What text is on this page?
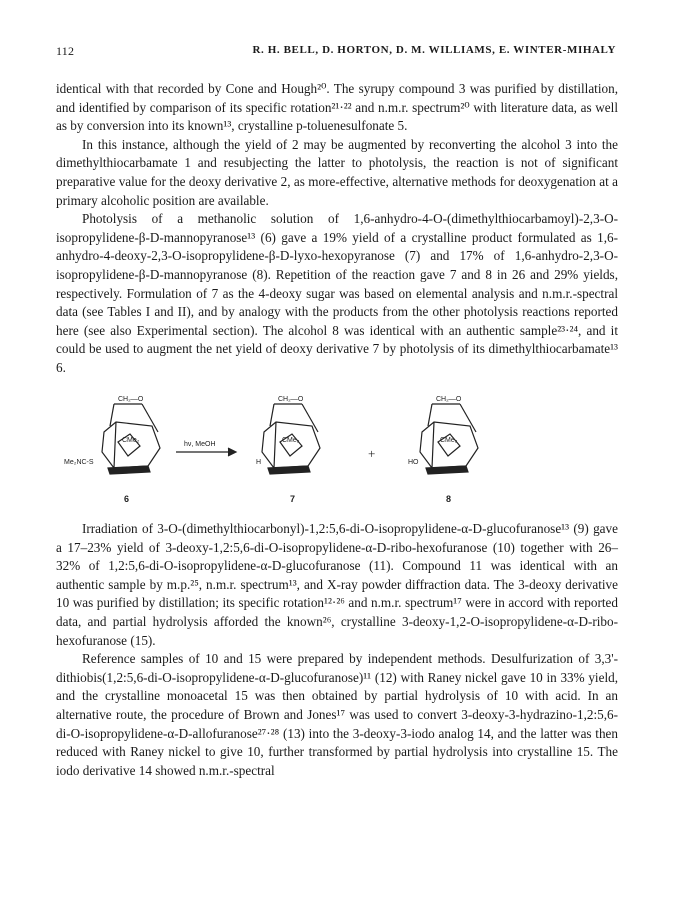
112	R. H. BELL, D. HORTON, D. M. WILLIAMS, E. WINTER-MIHALY

identical with that recorded by Cone and Hough²⁰. The syrupy compound 3 was purified by distillation, and identified by comparison of its specific rotation²¹·²² and n.m.r. spectrum²⁰ with literature data, as well as by conversion into its known¹³, crystalline p-toluenesulfonate 5.

In this instance, although the yield of 2 may be augmented by reconverting the alcohol 3 into the dimethylthiocarbamate 1 and resubjecting the latter to photolysis, the reaction is not of significant preparative value for the deoxy derivative 2, as more-effective, alternative methods for deoxygenation at a primary alcoholic position are available.

Photolysis of a methanolic solution of 1,6-anhydro-4-O-(dimethylthiocarbamoyl)-2,3-O-isopropylidene-β-D-mannopyranose¹³ (6) gave a 19% yield of a crystalline product formulated as 1,6-anhydro-4-deoxy-2,3-O-isopropylidene-β-D-lyxo-hexopyranose (7) and 17% of 1,6-anhydro-2,3-O-isopropylidene-β-D-mannopyranose (8). Repetition of the reaction gave 7 and 8 in 26 and 29% yields, respectively. Formulation of 7 as the 4-deoxy sugar was based on elemental analysis and n.m.r.-spectral data (see Tables I and II), and by analogy with the products from the other photolysis reactions reported here (see also Experimental section). The alcohol 8 was identical with an authentic sample²³·²⁴, and it could be used to augment the net yield of deoxy derivative 7 by photolysis of its dimethylthiocarbamate¹³ 6.

CH₂—O
CMe₂
Me₂NC-S
hν, MeOH
CH₂—O
CMe₂
H
CH₂—O
CMe₂
HO
+
6	7	8

Irradiation of 3-O-(dimethylthiocarbonyl)-1,2:5,6-di-O-isopropylidene-α-D-glucofuranose¹³ (9) gave a 17–23% yield of 3-deoxy-1,2:5,6-di-O-isopropylidene-α-D-ribo-hexofuranose (10) together with 26–32% of 1,2:5,6-di-O-isopropylidene-α-D-glucofuranose (11). Compound 11 was identical with an authentic sample by m.p.²⁵, n.m.r. spectrum¹³, and X-ray powder diffraction data. The 3-deoxy derivative 10 was purified by distillation; its specific rotation¹²·²⁶ and n.m.r. spectrum¹⁷ were in accord with reported data, and partial hydrolysis afforded the known²⁶, crystalline 3-deoxy-1,2-O-isopropylidene-α-D-ribo-hexofuranose (15).

Reference samples of 10 and 15 were prepared by independent methods. Desulfurization of 3,3'-dithiobis(1,2:5,6-di-O-isopropylidene-α-D-glucofuranose)¹¹ (12) with Raney nickel gave 10 in 33% yield, and the crystalline monoacetal 15 was then obtained by partial hydrolysis of 10 with acid. In an alternative route, the procedure of Brown and Jones¹⁷ was used to convert 3-deoxy-3-hydrazino-1,2:5,6-di-O-isopropylidene-α-D-allofuranose²⁷·²⁸ (13) into the 3-deoxy-3-iodo analog 14, and the latter was then reduced with Raney nickel to give 10, further transformed by partial hydrolysis into crystalline 15. The iodo derivative 14 showed n.m.r.-spectral
